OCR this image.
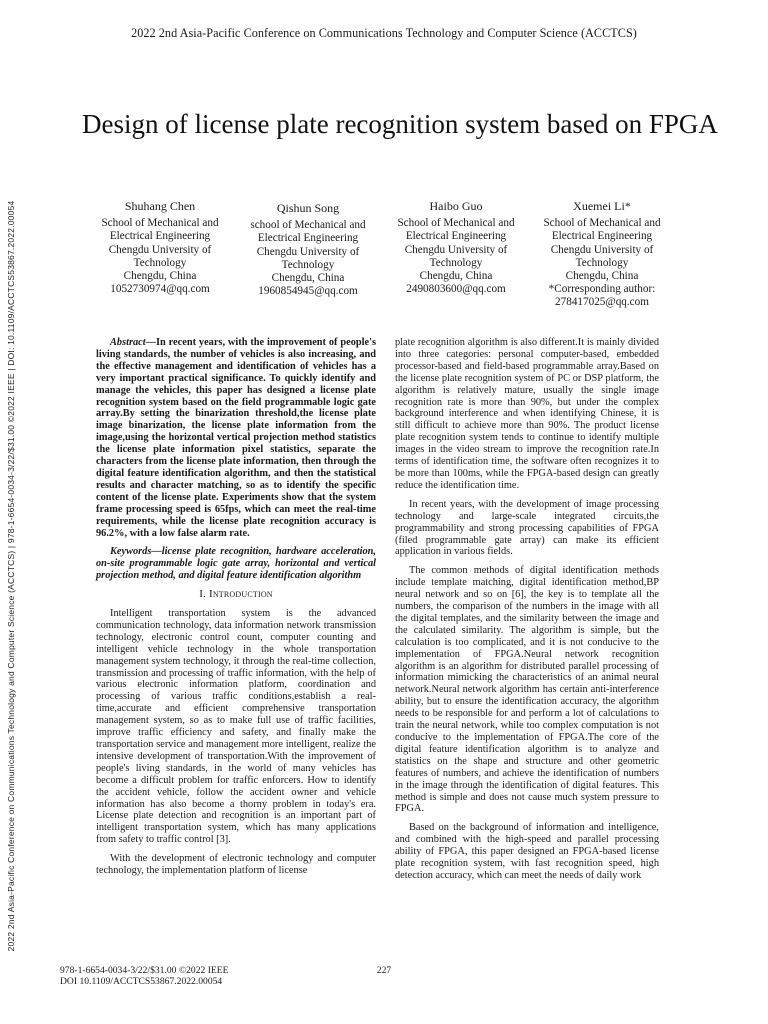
2022 2nd Asia-Pacific Conference on Communications Technology and Computer Science (ACCTCS)
2022 2nd Asia-Pacific Conference on Communications Technology and Computer Science (ACCTCS) | 978-1-6654-0034-3/22/$31.00 ©2022 IEEE | DOI: 10.1109/ACCTCS53867.2022.00054
Design of license plate recognition system based on FPGA
Shuhang Chen
School of Mechanical and
Electrical Engineering
Chengdu University of
Technology
Chengdu, China
1052730974@qq.com
Qishun Song
school of Mechanical and
Electrical Engineering
Chengdu University of
Technology
Chengdu, China
1960854945@qq.com
Haibo Guo
School of Mechanical and
Electrical Engineering
Chengdu University of
Technology
Chengdu, China
2490803600@qq.com
Xuemei Li*
School of Mechanical and
Electrical Engineering
Chengdu University of
Technology
Chengdu, China
*Corresponding author:
278417025@qq.com

Abstract—In recent years, with the improvement of people's living standards, the number of vehicles is also increasing, and the effective management and identification of vehicles has a very important practical significance. To quickly identify and manage the vehicles, this paper has designed a license plate recognition system based on the field programmable logic gate array.By setting the binarization threshold,the license plate image binarization, the license plate information from the image,using the horizontal vertical projection method statistics the license plate information pixel statistics, separate the characters from the license plate information, then through the digital feature identification algorithm, and then the statistical results and character matching, so as to identify the specific content of the license plate. Experiments show that the system frame processing speed is 65fps, which can meet the real-time requirements, while the license plate recognition accuracy is 96.2%, with a low false alarm rate.

Keywords—license plate recognition, hardware acceleration, on-site programmable logic gate array, horizontal and vertical projection method, and digital feature identification algorithm

I. Introduction

Intelligent transportation system is the advanced communication technology, data information network transmission technology, electronic control count, computer counting and intelligent vehicle technology in the whole transportation management system technology, it through the real-time collection, transmission and processing of traffic information, with the help of various electronic information platform, coordination and processing of various traffic conditions,establish a real-time,accurate and efficient comprehensive transportation management system, so as to make full use of traffic facilities, improve traffic efficiency and safety, and finally make the transportation service and management more intelligent, realize the intensive development of transportation.With the improvement of people's living standards, in the world of many vehicles has become a difficult problem for traffic enforcers. How to identify the accident vehicle, follow the accident owner and vehicle information has also become a thorny problem in today's era. License plate detection and recognition is an important part of intelligent transportation system, which has many applications from safety to traffic control [3].

With the development of electronic technology and computer technology, the implementation platform of license

plate recognition algorithm is also different.It is mainly divided into three categories: personal computer-based, embedded processor-based and field-based programmable array.Based on the license plate recognition system of PC or DSP platform, the algorithm is relatively mature, usually the single image recognition rate is more than 90%, but under the complex background interference and when identifying Chinese, it is still difficult to achieve more than 90%. The product license plate recognition system tends to continue to identify multiple images in the video stream to improve the recognition rate.In terms of identification time, the software often recognizes it to be more than 100ms, while the FPGA-based design can greatly reduce the identification time.

In recent years, with the development of image processing technology and large-scale integrated circuits,the programmability and strong processing capabilities of FPGA (filed programmable gate array) can make its efficient application in various fields.

The common methods of digital identification methods include template matching, digital identification method,BP neural network and so on [6], the key is to template all the numbers, the comparison of the numbers in the image with all the digital templates, and the similarity between the image and the calculated similarity. The algorithm is simple, but the calculation is too complicated, and it is not conducive to the implementation of FPGA.Neural network recognition algorithm is an algorithm for distributed parallel processing of information mimicking the characteristics of an animal neural network.Neural network algorithm has certain anti-interference ability, but to ensure the identification accuracy, the algorithm needs to be responsible for and perform a lot of calculations to train the neural network, while too complex computation is not conducive to the implementation of FPGA.The core of the digital feature identification algorithm is to analyze and statistics on the shape and structure and other geometric features of numbers, and achieve the identification of numbers in the image through the identification of digital features. This method is simple and does not cause much system pressure to FPGA.

Based on the background of information and intelligence, and combined with the high-speed and parallel processing ability of FPGA, this paper designed an FPGA-based license plate recognition system, with fast recognition speed, high detection accuracy, which can meet the needs of daily work

978-1-6654-0034-3/22/$31.00 ©2022 IEEE
DOI 10.1109/ACCTCS53867.2022.00054
227
